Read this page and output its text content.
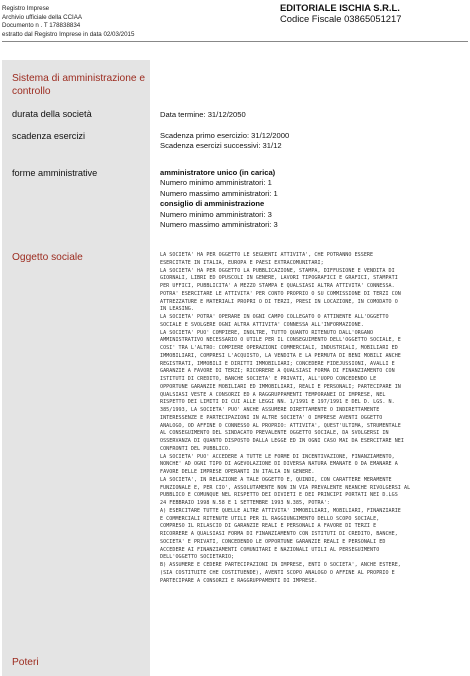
Registro Imprese
Archivio ufficiale della CCIAA
Documento n . T 178838834
estratto dal Registro Imprese in data 02/03/2015
EDITORIALE ISCHIA S.R.L.
Codice Fiscale 03865051217
Sistema di amministrazione e controllo
durata della società	Data termine: 31/12/2050
scadenza esercizi	Scadenza primo esercizio: 31/12/2000
Scadenza esercizi successivi: 31/12
forme amministrative	amministratore unico (in carica)
Numero minimo amministratori: 1
Numero massimo amministratori: 1
consiglio di amministrazione
Numero minimo amministratori: 3
Numero massimo amministratori: 3
Oggetto sociale	LA SOCIETA' HA PER OGGETTO LE SEGUENTI ATTIVITA', CHE POTRANNO ESSERE
ESERCITATE IN ITALIA, EUROPA E PAESI EXTRACOMUNITARI;
LA SOCIETA' HA PER OGGETTO LA PUBBLICAZIONE, STAMPA, DIFFUSIONE E VENDITA DI
GIORNALI, LIBRI ED OPUSCOLI IN GENERE, LAVORI TIPOGRAFICI E GRAFICI, STAMPATI
PER UFFICI, PUBBLICITA' A MEZZO STAMPA E QUALSIASI ALTRA ATTIVITA' CONNESSA.
POTRA' ESERCITARE LE ATTIVITA' PER CONTO PROPRIO O SU COMMISSIONE DI TERZI CON
ATTREZZATURE E MATERIALI PROPRI O DI TERZI, PRESI IN LOCAZIONE, IN COMODATO O
IN LEASING.
LA SOCIETA' POTRA' OPERARE IN OGNI CAMPO COLLEGATO O ATTINENTE ALL'OGGETTO
SOCIALE E SVOLGERE OGNI ALTRA ATTIVITA' CONNESSA ALL'INFORMAZIONE.
LA SOCIETA' PUO' COMPIERE, INOLTRE, TUTTO QUANTO RITENUTO DALL'ORGANO
AMMINISTRATIVO NECESSARIO O UTILE PER IL CONSEGUIMENTO DELL'OGGETTO SOCIALE, E
COSI' TRA L'ALTRO: COMPIERE OPERAZIONI COMMERCIALI, INDUSTRIALI, MOBILIARI ED
IMMOBILIARI, COMPRESI L'ACQUISTO, LA VENDITA E LA PERMUTA DI BENI MOBILI ANCHE
REGISTRATI, IMMOBILI E DIRITTI IMMOBILIARI; CONCEDERE FIDEJUSSIONI, AVALLI E
GARANZIE A FAVORE DI TERZI; RICORRERE A QUALSIASI FORMA DI FINANZIAMENTO CON
ISTITUTI DI CREDITO, BANCHE SOCIETA' E PRIVATI, ALL'UOPO CONCEDENDO LE
OPPORTUNE GARANZIE MOBILIARI ED IMMOBILIARI, REALI E PERSONALI; PARTECIPARE IN
QUALSIASI VESTE A CONSORZI ED A RAGGRUPPAMENTI TEMPORANEI DI IMPRESE, NEL
RISPETTO DEI LIMITI DI CUI ALLE LEGGI NN. 1/1991 E 197/1991 E DEL D. LGS. N.
385/1993, LA SOCIETA' PUO' ANCHE ASSUMERE DIRETTAMENTE O INDIRETTAMENTE
INTERESSENZE E PARTECIPAZIONI IN ALTRE SOCIETA' O IMPRESE AVENTI OGGETTO
ANALOGO, OD AFFINE O CONNESSO AL PROPRIO: ATTIVITA', QUEST'ULTIMA, STRUMENTALE
AL CONSEGUIMENTO DEL SINDACATO PREVALENTE OGGETTO SOCIALE, DA SVOLGERSI IN
OSSERVANZA DI QUANTO DISPOSTO DALLA LEGGE ED IN OGNI CASO MAI DA ESERCITARE NEI
CONFRONTI DEL PUBBLICO.
LA SOCIETA' PUO' ACCEDERE A TUTTE LE FORME DI INCENTIVAZIONE, FINANZIAMENTO,
NONCHE' AD OGNI TIPO DI AGEVOLAZIONE DI DIVERSA NATURA EMANATE O DA EMANARE A
FAVORE DELLE IMPRESE OPERANTI IN ITALIA IN GENERE.
LA SOCIETA', IN RELAZIONE A TALE OGGETTO E, QUINDI, CON CARATTERE MERAMENTE
FUNZIONALE E, PER CIO', ASSOLUTAMENTE NON IN VIA PREVALENTE NEANCHE RIVOLGERSI AL
PUBBLICO E COMUNQUE NEL RISPETTO DEI DIVIETI E DEI PRINCIPI PORTATI NEI D.LGS
24 FEBBRAIO 1998 N.58 E 1 SETTEMBRE 1993 N.385, POTRA':
A) ESERCITARE TUTTE QUELLE ALTRE ATTIVITA' IMMOBILIARI, MOBILIARI, FINANZIARIE
E COMMERCIALI RITENUTE UTILI PER IL RAGGIUNGIMENTO DELLO SCOPO SOCIALE,
COMPRESO IL RILASCIO DI GARANZIE REALI E PERSONALI A FAVORE DI TERZI E
RICORRERE A QUALSIASI FORMA DI FINANZIAMENTO CON ISTITUTI DI CREDITO, BANCHE,
SOCIETA' E PRIVATI, CONCEDENDO LE OPPORTUNE GARANZIE REALI E PERSONALI ED
ACCEDERE AI FINANZIAMENTI COMUNITARI E NAZIONALI UTILI AL PERSEGUIMENTO
DELL'OGGETTO SOCIETARIO;
B) ASSUMERE E CEDERE PARTECIPAZIONI IN IMPRESE, ENTI O SOCIETA', ANCHE ESTERE,
(SIA COSTITUITE CHE COSTITUENDE), AVENTI SCOPO ANALOGO O AFFINE AL PROPRIO E
PARTECIPARE A CONSORZI E RAGGRUPPAMENTI DI IMPRESE.
Poteri
